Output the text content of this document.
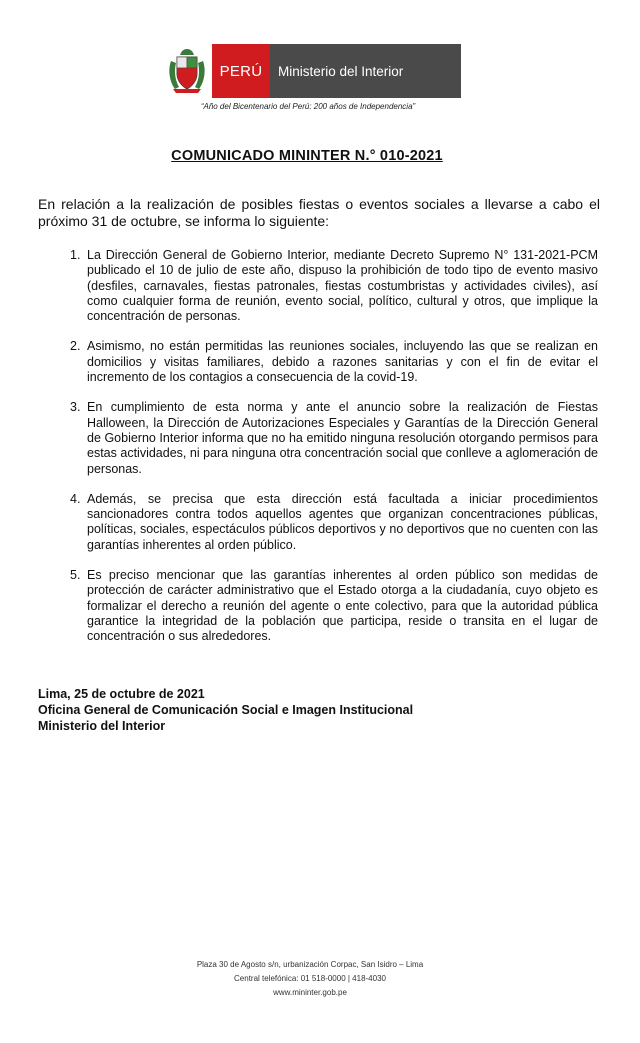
PERÚ	Ministerio del Interior
“Año del Bicentenario del Perú: 200 años de Independencia”
COMUNICADO MININTER N.° 010-2021
En relación a la realización de posibles fiestas o eventos sociales a llevarse a cabo el próximo 31 de octubre, se informa lo siguiente:
1. La Dirección General de Gobierno Interior, mediante Decreto Supremo N° 131-2021-PCM publicado el 10 de julio de este año, dispuso la prohibición de todo tipo de evento masivo (desfiles, carnavales, fiestas patronales, fiestas costumbristas y actividades civiles), así como cualquier forma de reunión, evento social, político, cultural y otros, que implique la concentración de personas.
2. Asimismo, no están permitidas las reuniones sociales, incluyendo las que se realizan en domicilios y visitas familiares, debido a razones sanitarias y con el fin de evitar el incremento de los contagios a consecuencia de la covid-19.
3. En cumplimiento de esta norma y ante el anuncio sobre la realización de Fiestas Halloween, la Dirección de Autorizaciones Especiales y Garantías de la Dirección General de Gobierno Interior informa que no ha emitido ninguna resolución otorgando permisos para estas actividades, ni para ninguna otra concentración social que conlleve a aglomeración de personas.
4. Además, se precisa que esta dirección está facultada a iniciar procedimientos sancionadores contra todos aquellos agentes que organizan concentraciones públicas, políticas, sociales, espectáculos públicos deportivos y no deportivos que no cuenten con las garantías inherentes al orden público.
5. Es preciso mencionar que las garantías inherentes al orden público son medidas de protección de carácter administrativo que el Estado otorga a la ciudadanía, cuyo objeto es formalizar el derecho a reunión del agente o ente colectivo, para que la autoridad pública garantice la integridad de la población que participa, reside o transita en el lugar de concentración o sus alrededores.
Lima, 25 de octubre de 2021
Oficina General de Comunicación Social e Imagen Institucional
Ministerio del Interior
Plaza 30 de Agosto s/n, urbanización Corpac, San Isidro – Lima
Central telefónica: 01 518-0000 | 418-4030
www.mininter.gob.pe
